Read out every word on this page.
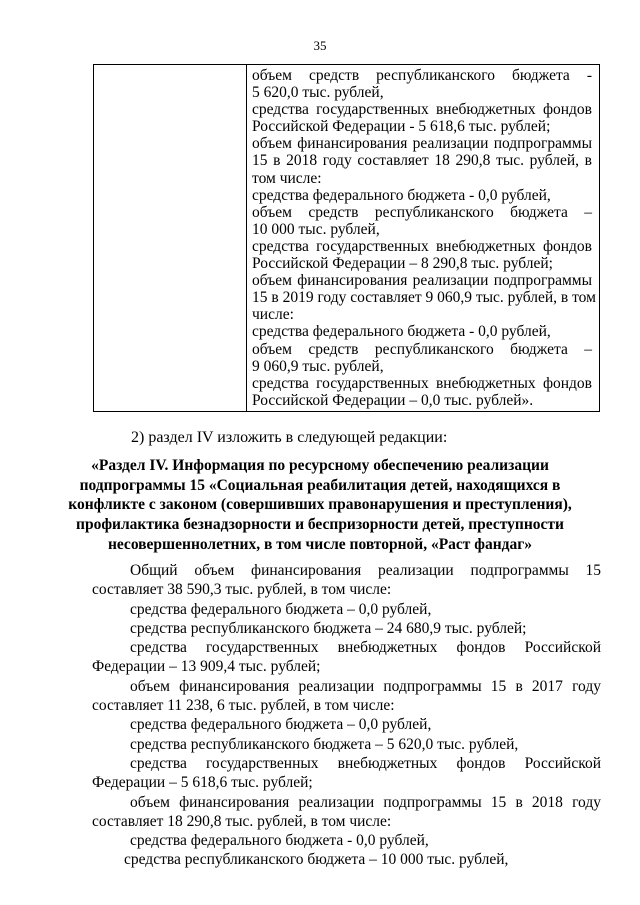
35
объем средств республиканского бюджета -
5 620,0 тыс. рублей,
средства государственных внебюджетных фондов
Российской Федерации - 5 618,6 тыс. рублей;
объем финансирования реализации подпрограммы
15 в 2018 году составляет 18 290,8 тыс. рублей, в
том числе:
средства федерального бюджета - 0,0 рублей,
объем средств республиканского бюджета –
10 000 тыс. рублей,
средства государственных внебюджетных фондов
Российской Федерации – 8 290,8 тыс. рублей;
объем финансирования реализации подпрограммы
15 в 2019 году составляет 9 060,9 тыс. рублей, в том
числе:
средства федерального бюджета - 0,0 рублей,
объем средств республиканского бюджета –
9 060,9 тыс. рублей,
средства государственных внебюджетных фондов
Российской Федерации – 0,0 тыс. рублей».
2) раздел IV изложить в следующей редакции:
«Раздел IV. Информация по ресурсному обеспечению реализации
подпрограммы 15 «Социальная реабилитация детей, находящихся в
конфликте с законом (совершивших правонарушения и преступления),
профилактика безнадзорности и беспризорности детей, преступности
несовершеннолетних, в том числе повторной, «Раст фандаг»
Общий объем финансирования реализации подпрограммы 15
составляет 38 590,3 тыс. рублей, в том числе:
средства федерального бюджета – 0,0 рублей,
средства республиканского бюджета – 24 680,9 тыс. рублей;
средства государственных внебюджетных фондов Российской
Федерации – 13 909,4 тыс. рублей;
объем финансирования реализации подпрограммы 15 в 2017 году
составляет 11 238, 6 тыс. рублей, в том числе:
средства федерального бюджета – 0,0 рублей,
средства республиканского бюджета – 5 620,0 тыс. рублей,
средства государственных внебюджетных фондов Российской
Федерации – 5 618,6 тыс. рублей;
объем финансирования реализации подпрограммы 15 в 2018 году
составляет 18 290,8 тыс. рублей, в том числе:
средства федерального бюджета - 0,0 рублей,
средства республиканского бюджета – 10 000 тыс. рублей,
